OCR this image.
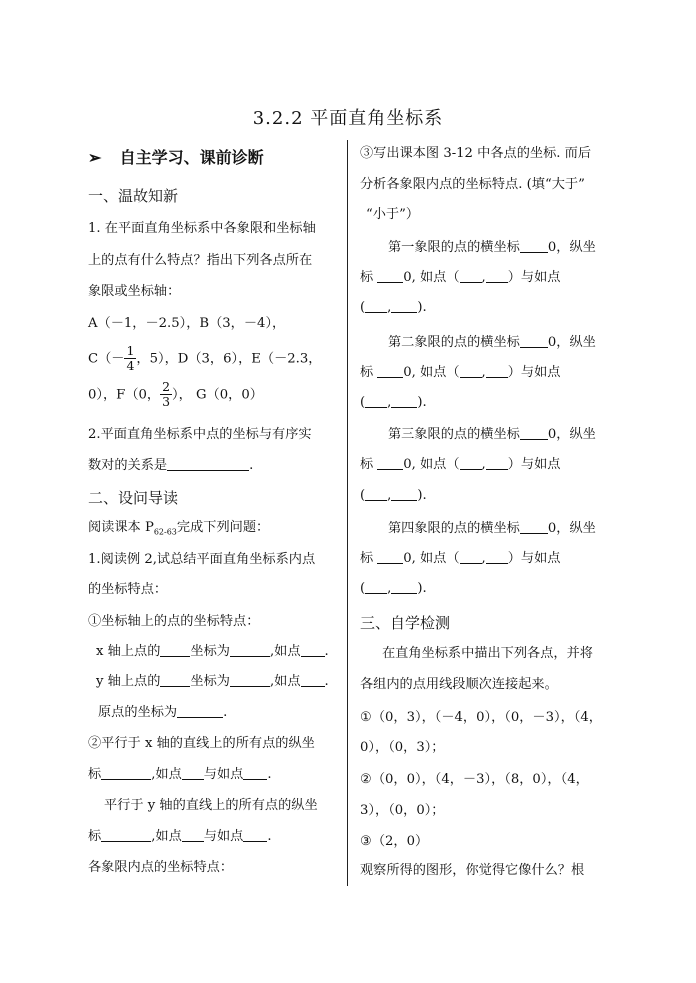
3.2.2 平面直角坐标系
➢ 自主学习、课前诊断
一、温故知新
1. 在平面直角坐标系中各象限和坐标轴
上的点有什么特点？指出下列各点所在
象限或坐标轴：
A（－1，－2.5），B（3，－4），
$C(- \frac{1}{4}$ ，5），D（3，6），E（－2.3，
0），F（0， $\frac{2}{3}$ ）， G（0，0）
2.平面直角坐标系中点的坐标与有序实
数对的关系是	.
二、设问导读
阅读课本 $P_{62-63}$完成下列问题：
1.阅读例 2,试总结平面直角坐标系内点
的坐标特点：
①坐标轴上的点的坐标特点：
x 轴上点的 坐标为	,如点 .
y 轴上点的 坐标为	,如点 .
原点的坐标为	.
②平行于 x 轴的直线上的所有点的纵坐
标	,如点 与如点 .
平行于 y 轴的直线上的所有点的纵坐
标	,如点 与如点 .
各象限内点的坐标特点：
③写出课本图 3-12 中各点的坐标. 而后
分析各象限内点的坐标特点. (填“大于”
“小于”）
第一象限的点的横坐标 0，纵坐
标 0, 如点（ , ）与如点
( , ).
第二象限的点的横坐标 0，纵坐
标 0, 如点（ , ）与如点
( , ).
第三象限的点的横坐标 0，纵坐
标 0, 如点（ , ）与如点
( , ).
第四象限的点的横坐标 0，纵坐
标 0, 如点（ , ）与如点
( , ).
三、自学检测
在直角坐标系中描出下列各点，并将
各组内的点用线段顺次连接起来。
①（0，3），（－4，0），（0，－3），（4，
0），（0，3）；
②（0，0），（4，－3），（8，0），（4，
3），（0，0）；
③（2，0）
观察所得的图形，你觉得它像什么？根
